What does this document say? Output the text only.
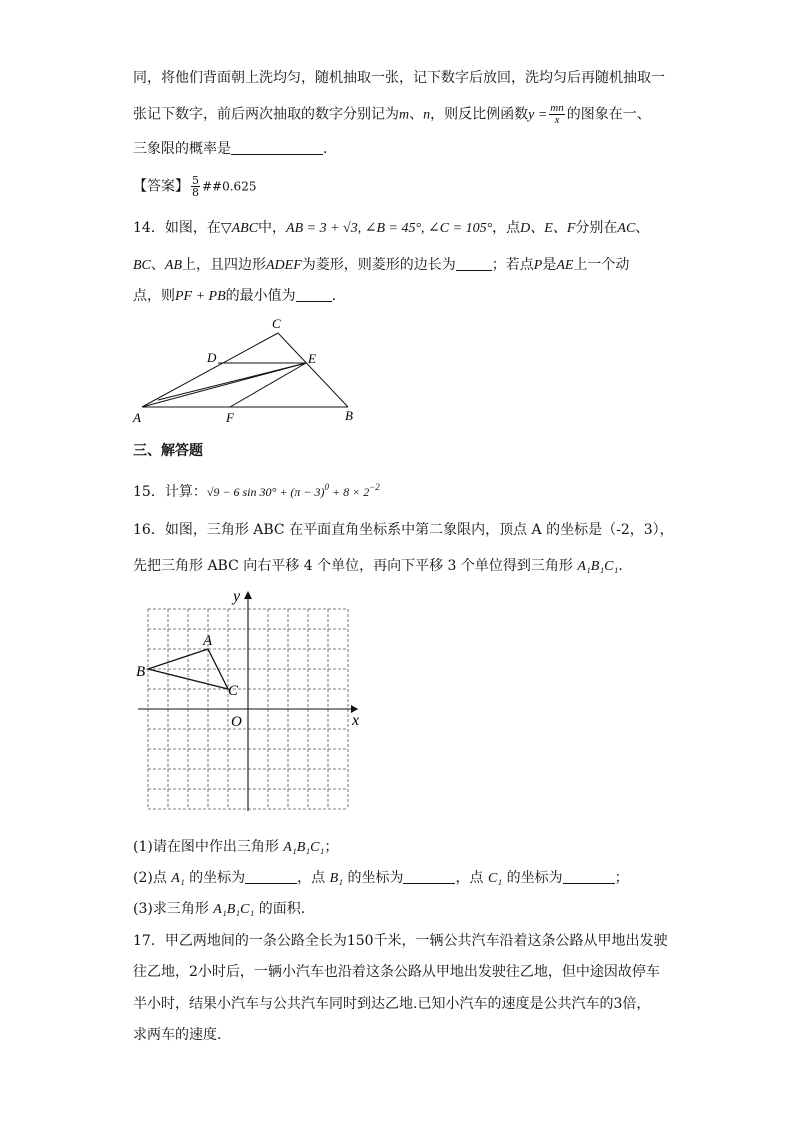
同，将他们背面朝上洗均匀，随机抽取一张，记下数字后放回，洗均匀后再随机抽取一
张记下数字，前后两次抽取的数字分别记为m、n，则反比例函数$y = \frac{mn}{x}$ 的图象在一、
三象限的概率是	.
【答案】 $\frac{5}{8}$ ##0.625
14．如图，在▽ABC中，AB = 3 + √3, ∠B = 45°, ∠C = 105°，点D、E、F分别在AC、
BC、AB上，且四边形ADEF为菱形，则菱形的边长为	；若点P是AE上一个动
点，则PF + PB的最小值为	.
A	B
C
D	E
F
三、解答题
15．计算：√9 − 6 $\sin 30^\circ + (\pi - 3)^0 + 8 \times 2^{-2}$
16．如图，三角形 ABC 在平面直角坐标系中第二象限内，顶点 A 的坐标是（-2，3），
先把三角形 ABC 向右平移 4 个单位，再向下平移 3 个单位得到三角形 A₁B₁C₁．
y
x
O
A
B
C
(1)请在图中作出三角形 A₁B₁C₁；
(2)点 A₁ 的坐标为	，点 B₁ 的坐标为	，点 C₁ 的坐标为	；
(3)求三角形 A₁B₁C₁ 的面积．
17．甲乙两地间的一条公路全长为150千米，一辆公共汽车沿着这条公路从甲地出发驶
往乙地，2小时后，一辆小汽车也沿着这条公路从甲地出发驶往乙地，但中途因故停车
半小时，结果小汽车与公共汽车同时到达乙地.已知小汽车的速度是公共汽车的3倍，
求两车的速度.
